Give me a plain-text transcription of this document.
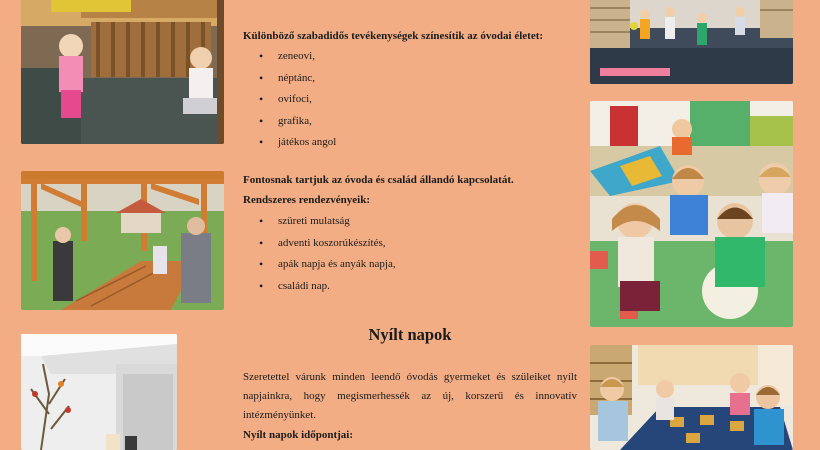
Különböző szabadidős tevékenységek színesítik az óvodai életet:
• zeneovi,
• néptánc,
• ovifoci,
• grafika,
• játékos angol
Fontosnak tartjuk az óvoda és család állandó kapcsolatát.
Rendszeres rendezvényeik:
• szüreti mulatság
• adventi koszorúkészítés,
• apák napja és anyák napja,
• családi nap.
Nyílt napok
Szeretettel várunk minden leendő óvodás gyermeket és szüleiket nyílt napjainkra, hogy megismerhessék az új, korszerű és innovatív intézményünket.
Nyílt napok időpontjai:
